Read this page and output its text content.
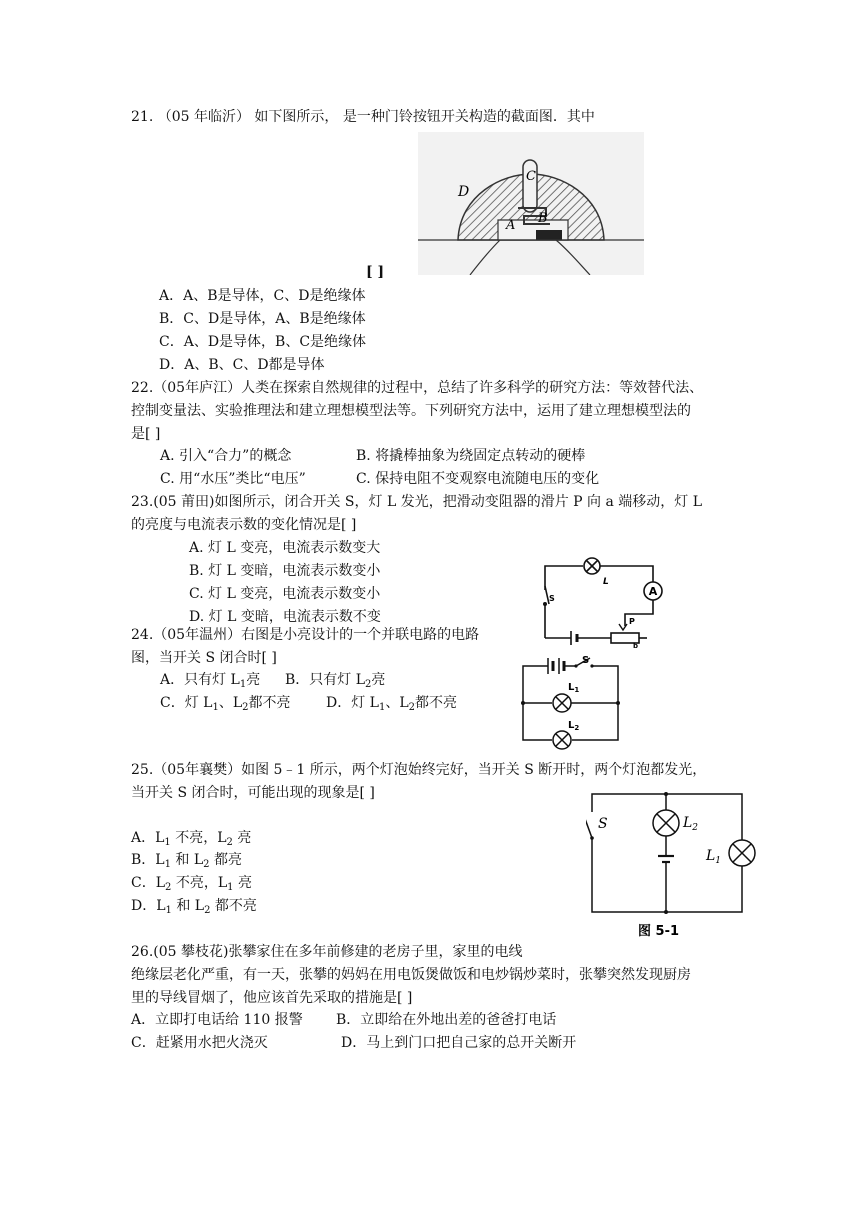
21. （05 年临沂） 如下图所示， 是一种门铃按钮开关构造的截面图．其中
C
D
A B
[ ]
A．A、B是导体，C、D是绝缘体
B．C、D是导体，A、B是绝缘体
C．A、D是导体，B、C是绝缘体
D．A、B、C、D都是导体
22.（05年庐江）人类在探索自然规律的过程中，总结了许多科学的研究方法：等效替代法、
控制变量法、实验推理法和建立理想模型法等。下列研究方法中，运用了建立理想模型法的
是[ ]
A. 引入“合力”的概念	B. 将撬棒抽象为绕固定点转动的硬棒
C. 用“水压”类比“电压”	C. 保持电阻不变观察电流随电压的变化
23.(05 莆田)如图所示，闭合开关 S，灯 L 发光，把滑动变阻器的滑片 P 向 a 端移动，灯 L
的亮度与电流表示数的变化情况是[ ]
A. 灯 L 变亮，电流表示数变大
B. 灯 L 变暗，电流表示数变小
C. 灯 L 变亮，电流表示数变小
D. 灯 L 变暗，电流表示数不变
L
A
S
P
b
24.（05年温州）右图是小亮设计的一个并联电路的电路
图，当开关 S 闭合时[ ]
A．只有灯 $L_1$亮 B．只有灯 $L_2$亮
C．灯 $L_1$、$L_2$都不亮	D．灯 $L_1$、$L_2$都不亮
S
$L_1$
$L_2$
25.（05年襄樊）如图 5﹣1 所示，两个灯泡始终完好，当开关 S 断开时，两个灯泡都发光，
当开关 S 闭合时，可能出现的现象是[ ]
A．$L_1$ 不亮，$L_2$ 亮
B．$L_1$ 和 $L_2$ 都亮
C．$L_2$ 不亮，$L_1$ 亮
D．$L_1$ 和 $L_2$ 都不亮
S	$L_2$
$L_1$
图 5-1
26.(05 攀枝花)张攀家住在多年前修建的老房子里，家里的电线
绝缘层老化严重，有一天，张攀的妈妈在用电饭煲做饭和电炒锅炒菜时，张攀突然发现厨房
里的导线冒烟了，他应该首先采取的措施是[ ]
A．立即打电话给 110 报警 B．立即给在外地出差的爸爸打电话
C．赶紧用水把火浇灭	D．马上到门口把自己家的总开关断开
